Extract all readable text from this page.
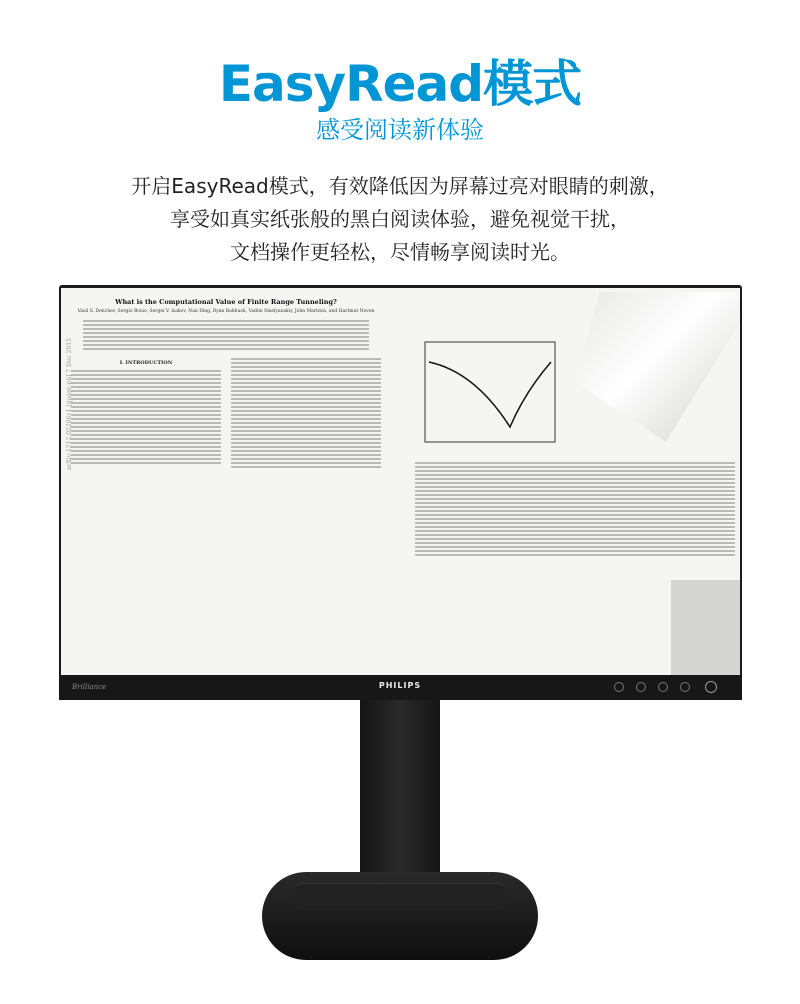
EasyRead模式
感受阅读新体验
开启EasyRead模式，有效降低因为屏幕过亮对眼睛的刺激，
享受如真实纸张般的黑白阅读体验，避免视觉干扰，
文档操作更轻松，尽情畅享阅读时光。
What is the Computational Value of Finite Range Tunneling?
Vasil S. Denchev, Sergio Boixo, Sergei V. Isakov, Nan Ding, Ryan Babbush, Vadim Smelyanskiy, John Martinis, and Hartmut Neven
I. INTRODUCTION
arXiv:1512.02206v1 [quant-ph] 7 Dec 2015
Brilliance	PHILIPS
